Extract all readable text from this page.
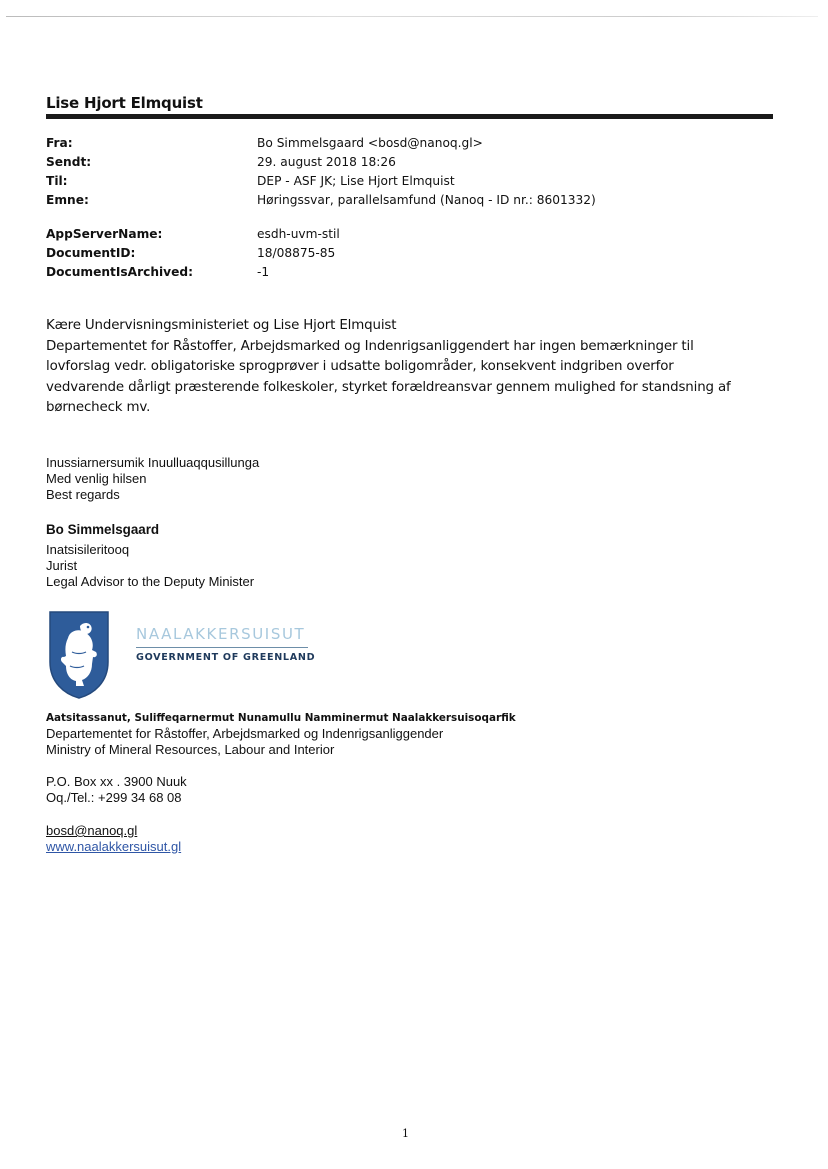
Lise Hjort Elmquist
Fra:	Bo Simmelsgaard <bosd@nanoq.gl>
Sendt:	29. august 2018 18:26
Til:	DEP - ASF JK; Lise Hjort Elmquist
Emne:	Høringssvar, parallelsamfund (Nanoq - ID nr.: 8601332)
AppServerName:	esdh-uvm-stil
DocumentID:	18/08875-85
DocumentIsArchived:	-1

Kære Undervisningsministeriet og Lise Hjort Elmquist

Departementet for Råstoffer, Arbejdsmarked og Indenrigsanliggendert har ingen bemærkninger til

lovforslag vedr. obligatoriske sprogprøver i udsatte boligområder, konsekvent indgriben overfor

vedvarende dårligt præsterende folkeskoler, styrket forældreansvar gennem mulighed for standsning af

børnecheck mv.

Inussiarnersumik Inuulluaqqusillunga
Med venlig hilsen
Best regards
Bo Simmelsgaard
Inatsisileritooq
Jurist
Legal Advisor to the Deputy Minister
NAALAKKERSUISUT
GOVERNMENT OF GREENLAND
Aatsitassanut, Suliffeqarnermut Nunamullu Namminermut Naalakkersuisoqarfik
Departementet for Råstoffer, Arbejdsmarked og Indenrigsanliggender
Ministry of Mineral Resources, Labour and Interior
P.O. Box xx . 3900 Nuuk
Oq./Tel.: +299 34 68 08
bosd@nanoq.gl
www.naalakkersuisut.gl
1
